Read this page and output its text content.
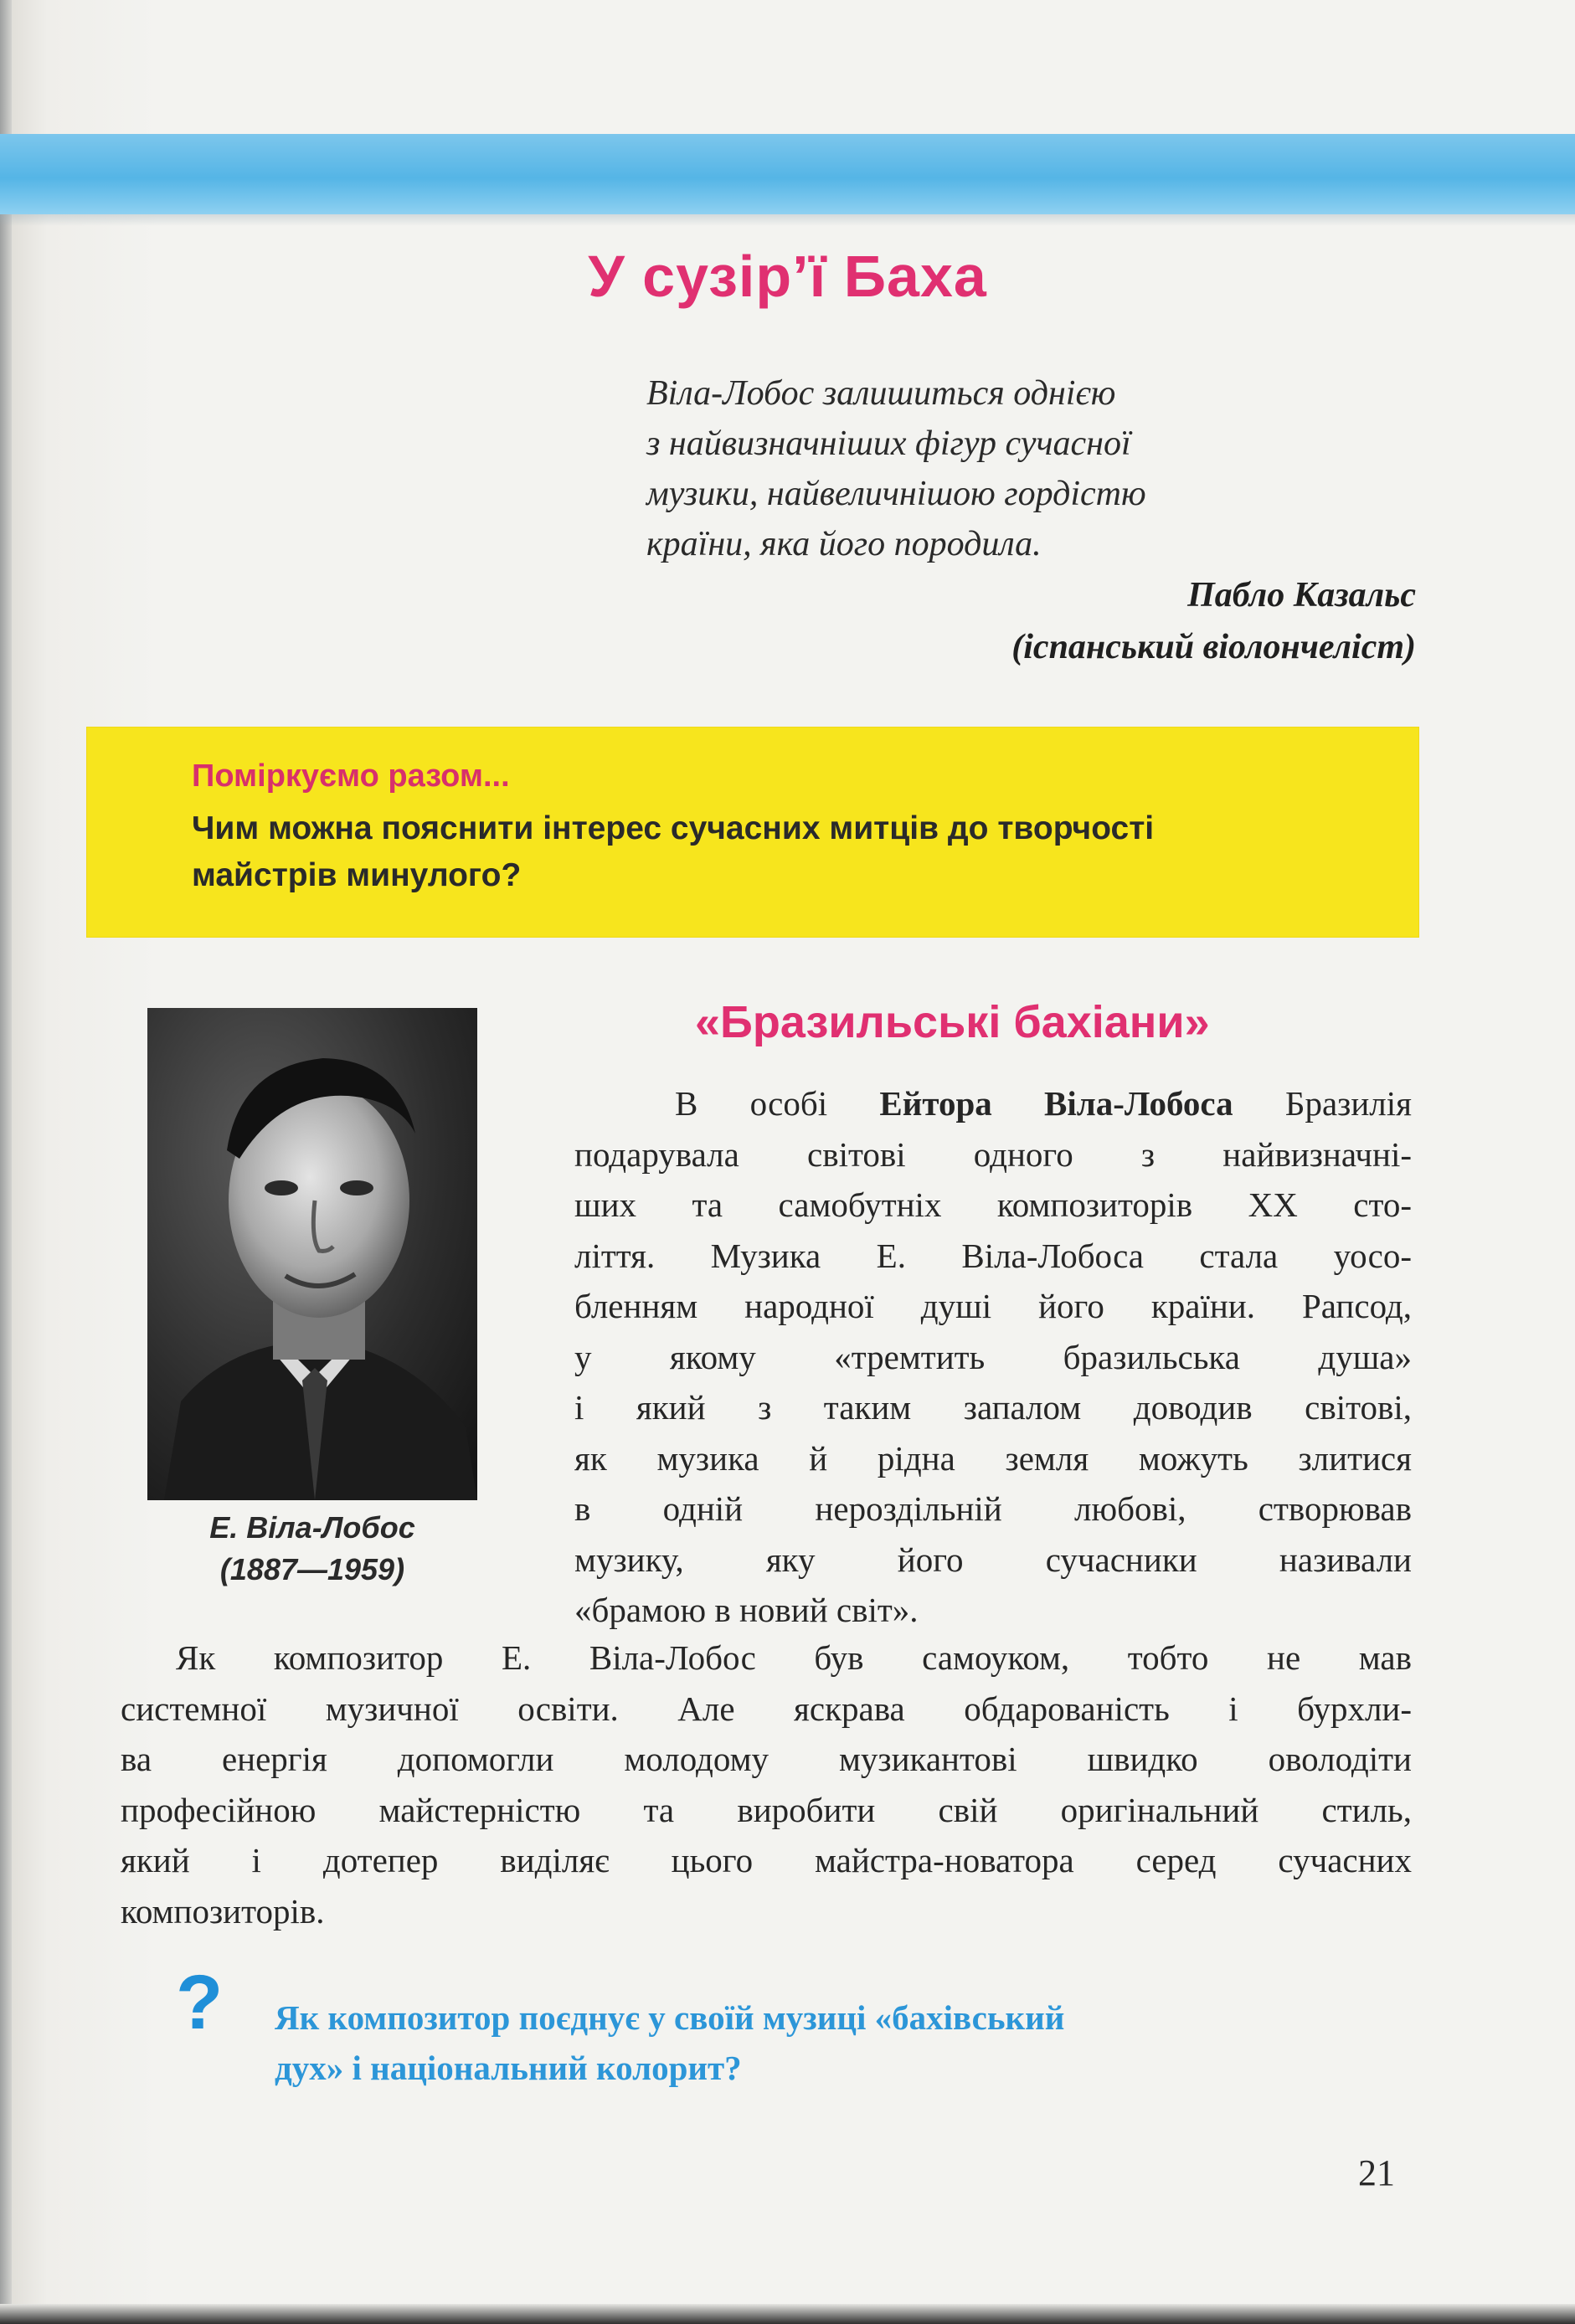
У сузір’ї Баха
Віла-Лобос залишиться однією
з найвизначніших фігур сучасної
музики, найвеличнішою гордістю
країни, яка його породила.
Пабло Казальс
(іспанський віолончеліст)
Поміркуємо разом...
Чим можна пояснити інтерес сучасних митців до творчості
майстрів минулого?
Е. Віла-Лобос
(1887—1959)
«Бразильські бахіани»
В особі Ейтора Віла-Лобоса Бразилія
подарувала світові одного з найвизначні-
ших та самобутніх композиторів XX сто-
ліття. Музика Е. Віла-Лобоса стала уосо-
бленням народної душі його країни. Рапсод,
у якому «тремтить бразильська душа»
і який з таким запалом доводив світові,
як музика й рідна земля можуть злитися
в одній нероздільній любові, створював
музику, яку його сучасники називали
«брамою в новий світ».
Як композитор Е. Віла-Лобос був самоуком, тобто не мав
системної музичної освіти. Але яскрава обдарованість і бурхли-
ва енергія допомогли молодому музикантові швидко оволодіти
професійною майстерністю та виробити свій оригінальний стиль,
який і дотепер виділяє цього майстра-новатора серед сучасних
композиторів.
? Як композитор поєднує у своїй музиці «бахівський
дух» і національний колорит?
21
